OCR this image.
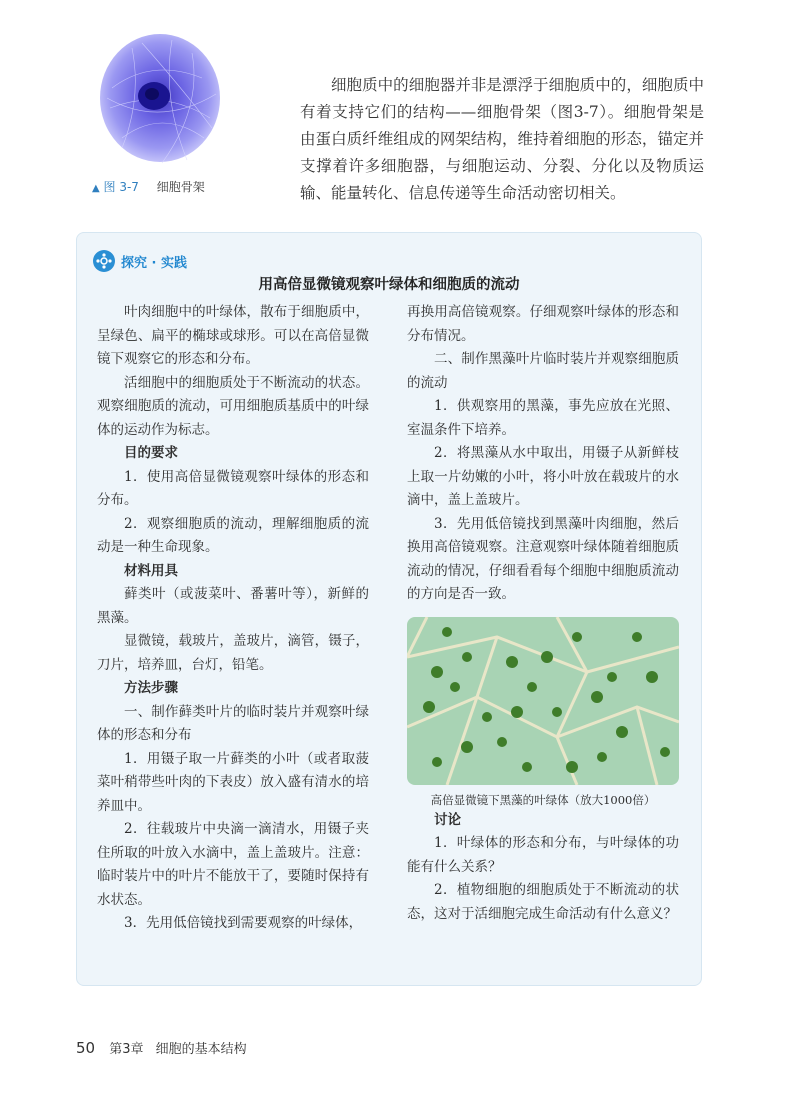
▲ 图 3-7 细胞骨架

细胞质中的细胞器并非是漂浮于细胞质中的，细胞质中有着支持它们的结构——细胞骨架（图3-7）。细胞骨架是由蛋白质纤维组成的网架结构，维持着细胞的形态，锚定并支撑着许多细胞器，与细胞运动、分裂、分化以及物质运输、能量转化、信息传递等生命活动密切相关。

探究 · 实践
用高倍显微镜观察叶绿体和细胞质的流动

叶肉细胞中的叶绿体，散布于细胞质中，呈绿色、扁平的椭球或球形。可以在高倍显微镜下观察它的形态和分布。

活细胞中的细胞质处于不断流动的状态。观察细胞质的流动，可用细胞质基质中的叶绿体的运动作为标志。

目的要求

1．使用高倍显微镜观察叶绿体的形态和分布。

2．观察细胞质的流动，理解细胞质的流动是一种生命现象。

材料用具

藓类叶（或菠菜叶、番薯叶等），新鲜的黑藻。

显微镜，载玻片，盖玻片，滴管，镊子，刀片，培养皿，台灯，铅笔。

方法步骤

一、制作藓类叶片的临时装片并观察叶绿体的形态和分布

1．用镊子取一片藓类的小叶（或者取菠菜叶稍带些叶肉的下表皮）放入盛有清水的培养皿中。

2．往载玻片中央滴一滴清水，用镊子夹住所取的叶放入水滴中，盖上盖玻片。注意：临时装片中的叶片不能放干了，要随时保持有水状态。

3．先用低倍镜找到需要观察的叶绿体，

再换用高倍镜观察。仔细观察叶绿体的形态和分布情况。

二、制作黑藻叶片临时装片并观察细胞质的流动

1．供观察用的黑藻，事先应放在光照、室温条件下培养。

2．将黑藻从水中取出，用镊子从新鲜枝上取一片幼嫩的小叶，将小叶放在载玻片的水滴中，盖上盖玻片。

3．先用低倍镜找到黑藻叶肉细胞，然后换用高倍镜观察。注意观察叶绿体随着细胞质流动的情况，仔细看看每个细胞中细胞质流动的方向是否一致。

高倍显微镜下黑藻的叶绿体（放大1000倍）

讨论

1．叶绿体的形态和分布，与叶绿体的功能有什么关系？

2．植物细胞的细胞质处于不断流动的状态，这对于活细胞完成生命活动有什么意义？

50 第3章 细胞的基本结构
